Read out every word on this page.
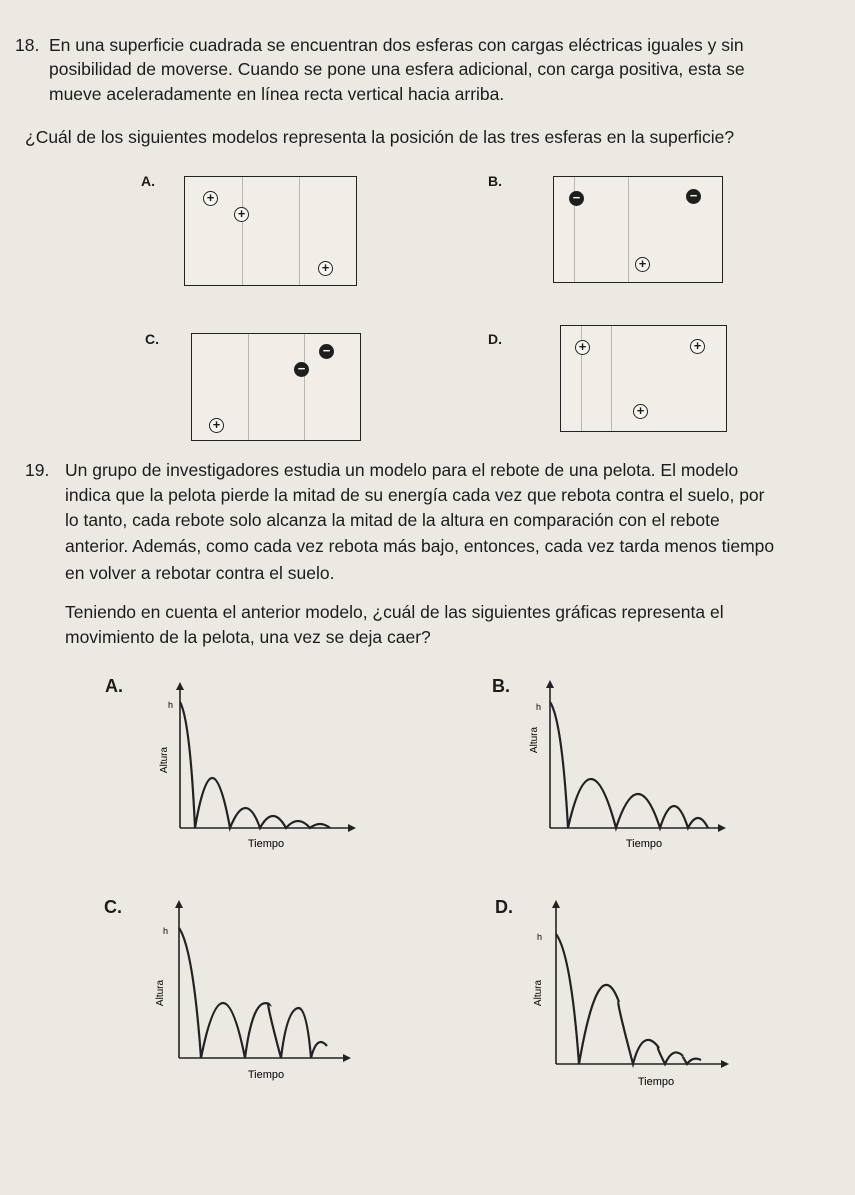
18. En una superficie cuadrada se encuentran dos esferas con cargas eléctricas iguales y sin
posibilidad de moverse. Cuando se pone una esfera adicional, con carga positiva, esta se
mueve aceleradamente en línea recta vertical hacia arriba.
¿Cuál de los siguientes modelos representa la posición de las tres esferas en la superficie?
A.
+
+
+
B.
−	−
+
C.
−
−
+
D.	+	+
+
19. Un grupo de investigadores estudia un modelo para el rebote de una pelota. El modelo
indica que la pelota pierde la mitad de su energía cada vez que rebota contra el suelo, por
lo tanto, cada rebote solo alcanza la mitad de la altura en comparación con el rebote
anterior. Además, como cada vez rebota más bajo, entonces, cada vez tarda menos tiempo
en volver a rebotar contra el suelo.
Teniendo en cuenta el anterior modelo, ¿cuál de las siguientes gráficas representa el
movimiento de la pelota, una vez se deja caer?
A.
h
Altura
Tiempo
B.
h
Altura
Tiempo
C.
h
Altura
Tiempo
D.
h
Altura
Tiempo
